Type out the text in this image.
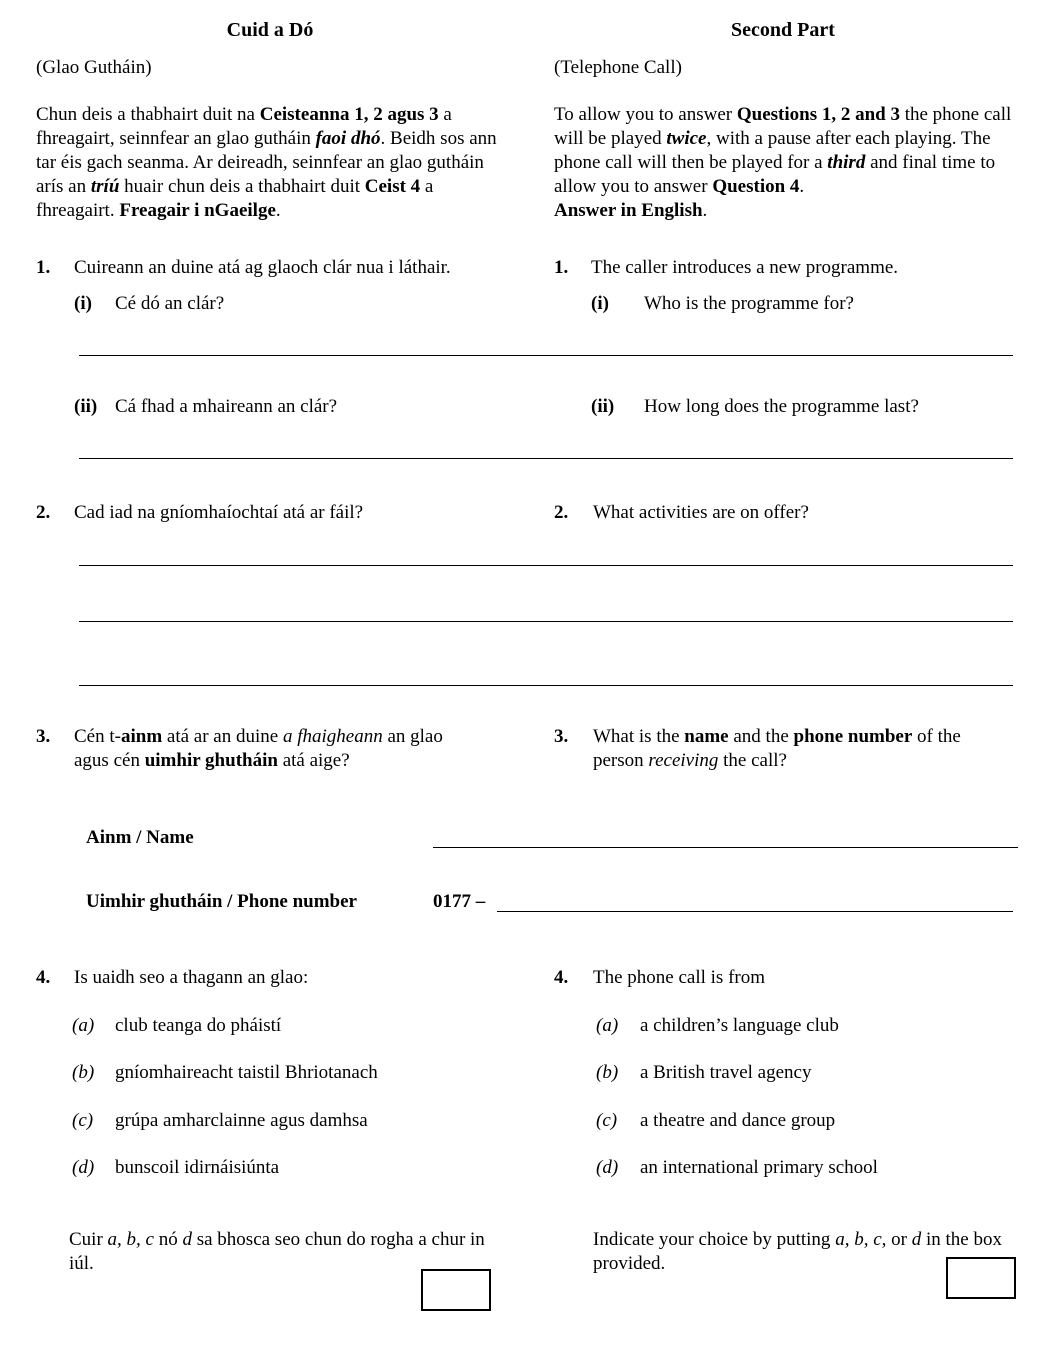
Cuid a Dó	Second Part
(Glao Gutháin)	(Telephone Call)
Chun deis a thabhairt duit na Ceisteanna 1, 2 agus 3 a fhreagairt, seinnfear an glao gutháin faoi dhó. Beidh sos ann tar éis gach seanma. Ar deireadh, seinnfear an glao gutháin arís an tríú huair chun deis a thabhairt duit Ceist 4 a fhreagairt. Freagair i nGaeilge.
To allow you to answer Questions 1, 2 and 3 the phone call will be played twice, with a pause after each playing. The phone call will then be played for a third and final time to allow you to answer Question 4.
Answer in English.
1. Cuireann an duine atá ag glaoch clár nua i láthair.	1. The caller introduces a new programme.
(i) Cé dó an clár?	(i) Who is the programme for?
(ii) Cá fhad a mhaireann an clár?	(ii) How long does the programme last?
2. Cad iad na gníomhaíochtaí atá ar fáil?	2. What activities are on offer?
3. Cén t-ainm atá ar an duine a fhaigheann an glao
agus cén uimhir ghutháin atá aige?
3. What is the name and the phone number of the
person receiving the call?
Ainm / Name
Uimhir ghutháin / Phone number	0177 –
4. Is uaidh seo a thagann an glao:	4. The phone call is from
(a) club teanga do pháistí
(b) gníomhaireacht taistil Bhriotanach
(c) grúpa amharclainne agus damhsa
(d) bunscoil idirnáisiúnta
(a) a children’s language club
(b) a British travel agency
(c) a theatre and dance group
(d) an international primary school
Cuir a, b, c nó d sa bhosca seo chun do rogha a chur in iúl.
Indicate your choice by putting a, b, c, or d in the box provided.
